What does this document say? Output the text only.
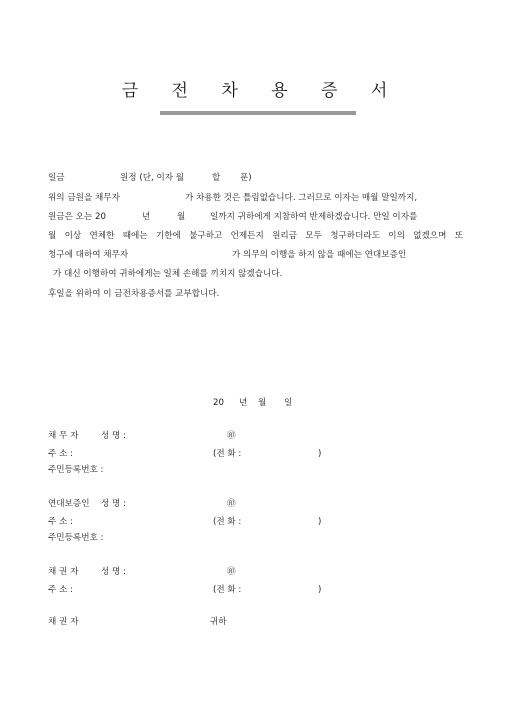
금 전 차 용 증 서
일금	원정 (단, 이자 월	할 푼)
위의 금원을 채무자	가 차용한 것은 틀림없습니다. 그러므로 이자는 매월 말일까지,
원금은 오는 20	년	월	일까지 귀하에게 지참하여 반제하겠습니다. 만일 이자를
월 이상 연체한 때에는 기한에 불구하고 언제든지 원리금 모두 청구하더라도 이의 없겠으며 또
청구에 대하여 채무자	가 의무의 이행을 하지 않을 때에는 연대보증인
가 대신 이행하여 귀하에게는 일체 손해를 끼치지 않겠습니다.
후일을 위하여 이 금전차용증서를 교부합니다.
20 년 월 일
채 무 자	성 명 :	㊞
주 소 :	(전 화 :	)
주민등록번호 :
연대보증인 성 명 :	㊞
주 소 :	(전 화 :	)
주민등록번호 :
채 권 자	성 명 :	㊞
주 소 :	(전 화 :	)
채 권 자	귀하
